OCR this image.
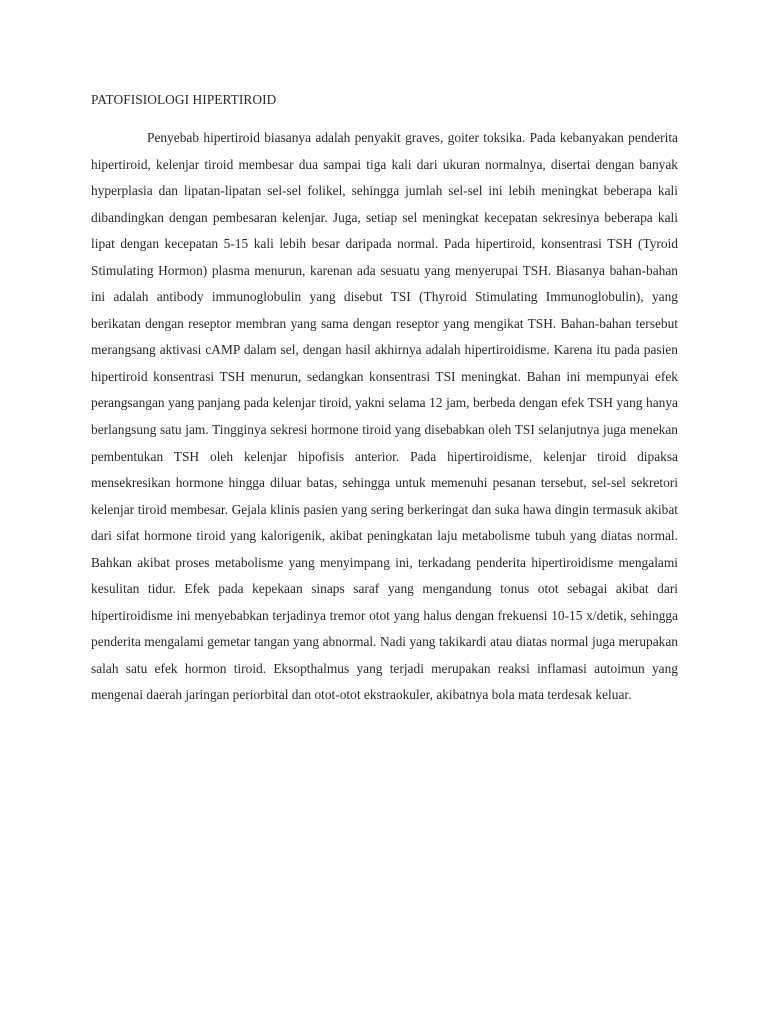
PATOFISIOLOGI HIPERTIROID

Penyebab hipertiroid biasanya adalah penyakit graves, goiter toksika. Pada kebanyakan penderita hipertiroid, kelenjar tiroid membesar dua sampai tiga kali dari ukuran normalnya, disertai dengan banyak hyperplasia dan lipatan-lipatan sel-sel folikel, sehingga jumlah sel-sel ini lebih meningkat beberapa kali dibandingkan dengan pembesaran kelenjar. Juga, setiap sel meningkat kecepatan sekresinya beberapa kali lipat dengan kecepatan 5-15 kali lebih besar daripada normal. Pada hipertiroid, konsentrasi TSH (Tyroid Stimulating Hormon) plasma menurun, karenan ada sesuatu yang menyerupai TSH. Biasanya bahan-bahan ini adalah antibody immunoglobulin yang disebut TSI (Thyroid Stimulating Immunoglobulin), yang berikatan dengan reseptor membran yang sama dengan reseptor yang mengikat TSH. Bahan-bahan tersebut merangsang aktivasi cAMP dalam sel, dengan hasil akhirnya adalah hipertiroidisme. Karena itu pada pasien hipertiroid konsentrasi TSH menurun, sedangkan konsentrasi TSI meningkat. Bahan ini mempunyai efek perangsangan yang panjang pada kelenjar tiroid, yakni selama 12 jam, berbeda dengan efek TSH yang hanya berlangsung satu jam. Tingginya sekresi hormone tiroid yang disebabkan oleh TSI selanjutnya juga menekan pembentukan TSH oleh kelenjar hipofisis anterior. Pada hipertiroidisme, kelenjar tiroid dipaksa mensekresikan hormone hingga diluar batas, sehingga untuk memenuhi pesanan tersebut, sel-sel sekretori kelenjar tiroid membesar. Gejala klinis pasien yang sering berkeringat dan suka hawa dingin termasuk akibat dari sifat hormone tiroid yang kalorigenik, akibat peningkatan laju metabolisme tubuh yang diatas normal. Bahkan akibat proses metabolisme yang menyimpang ini, terkadang penderita hipertiroidisme mengalami kesulitan tidur. Efek pada kepekaan sinaps saraf yang mengandung tonus otot sebagai akibat dari hipertiroidisme ini menyebabkan terjadinya tremor otot yang halus dengan frekuensi 10-15 x/detik, sehingga penderita mengalami gemetar tangan yang abnormal. Nadi yang takikardi atau diatas normal juga merupakan salah satu efek hormon tiroid. Eksopthalmus yang terjadi merupakan reaksi inflamasi autoimun yang mengenai daerah jaringan periorbital dan otot-otot ekstraokuler, akibatnya bola mata terdesak keluar.
